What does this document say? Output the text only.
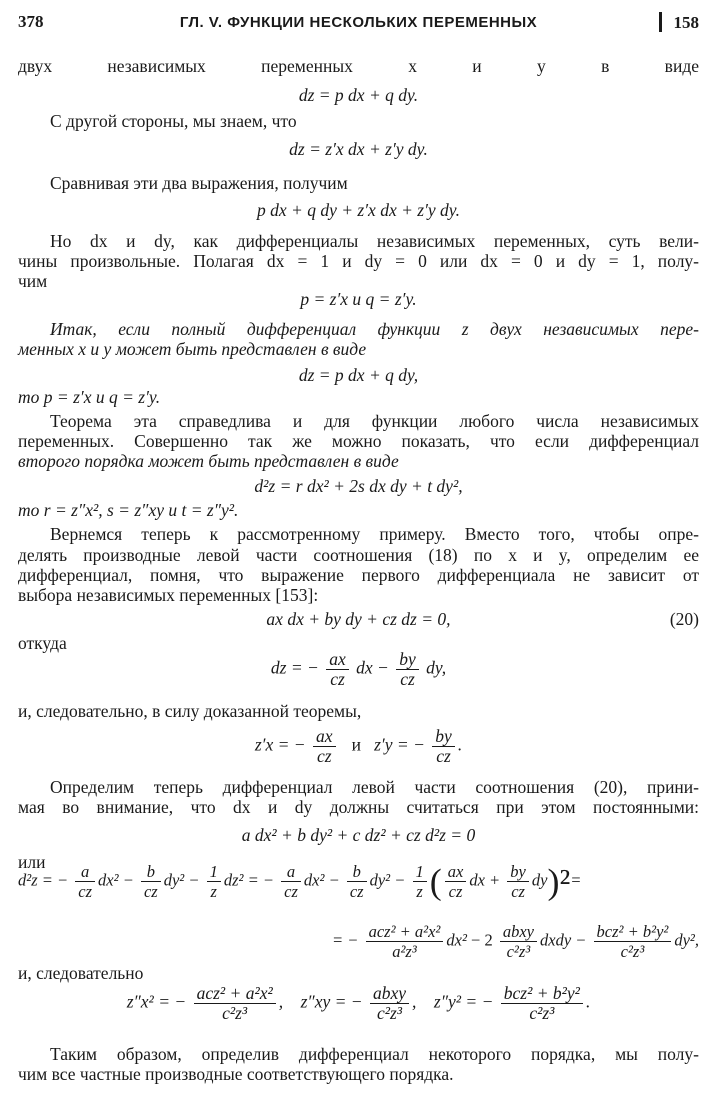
378	ГЛ. V. ФУНКЦИИ НЕСКОЛЬКИХ ПЕРЕМЕННЫХ	158
двух независимых переменных x и y в виде
dz = p dx + q dy.
С другой стороны, мы знаем, что
dz = z′x dx + z′y dy.
Сравнивая эти два выражения, получим
p dx + q dy + z′x dx + z′y dy.
Но dx и dy, как дифференциалы независимых переменных, суть вели-
чины произвольные. Полагая dx = 1 и dy = 0 или dx = 0 и dy = 1, полу-
чим
p = z′x и q = z′y.
Итак, если полный дифференциал функции z двух независимых пере-
менных x и y может быть представлен в виде
dz = p dx + q dy,
то p = z′x и q = z′y.
Теорема эта справедлива и для функции любого числа независимых
переменных. Совершенно так же можно показать, что если дифференциал
второго порядка может быть представлен в виде
d²z = r dx² + 2s dx dy + t dy²,
то r = z″x², s = z″xy и t = z″y².
Вернемся теперь к рассмотренному примеру. Вместо того, чтобы опре-
делять производные левой части соотношения (18) по x и y, определим ее
дифференциал, помня, что выражение первого дифференциала не зависит от
выбора независимых переменных [153]:
ax dx + by dy + cz dz = 0,	(20)
откуда
dz = − $\frac{ax}{cz}$ dx − $\frac{by}{cz}$ dy,
и, следовательно, в силу доказанной теоремы,
z′x = − $\frac{ax}{cz}$ и z′y = − $\frac{by}{cz}$ .
Определим теперь дифференциал левой части соотношения (20), прини-
мая во внимание, что dx и dy должны считаться при этом постоянными:
a dx² + b dy² + c dz² + cz d²z = 0
или
d²z = − $\frac{a}{cz} dx^2 - \frac{b}{cz} dy^2 - \frac{1}{z} dz^2$ = − $\frac{a}{cz} dx^2 - \frac{b}{cz} dy^2 - \frac{1}{z}$ ( $\frac{ax}{cz}$ dx + $\frac{by}{cz} dy)^2=$
= − $\frac{\text{acz² + a²x²}}{\text{a²z³}} dx^2 - 2 \frac{\text{abxy}}{\text{c²z³}}$ dxdy − $\frac{\text{bcz² + b²y²}}{\text{c²z³}} dy^2$,
и, следовательно
z″x² = − $\frac{\text{acz² + a²x²}}{\text{c²z³}}$ , z″xy = − $\frac{\text{abxy}}{\text{c²z³}}$ , z″y² = − $\frac{\text{bcz² + b²y²}}{\text{c²z³}}$ .
Таким образом, определив дифференциал некоторого порядка, мы полу-
чим все частные производные соответствующего порядка.
